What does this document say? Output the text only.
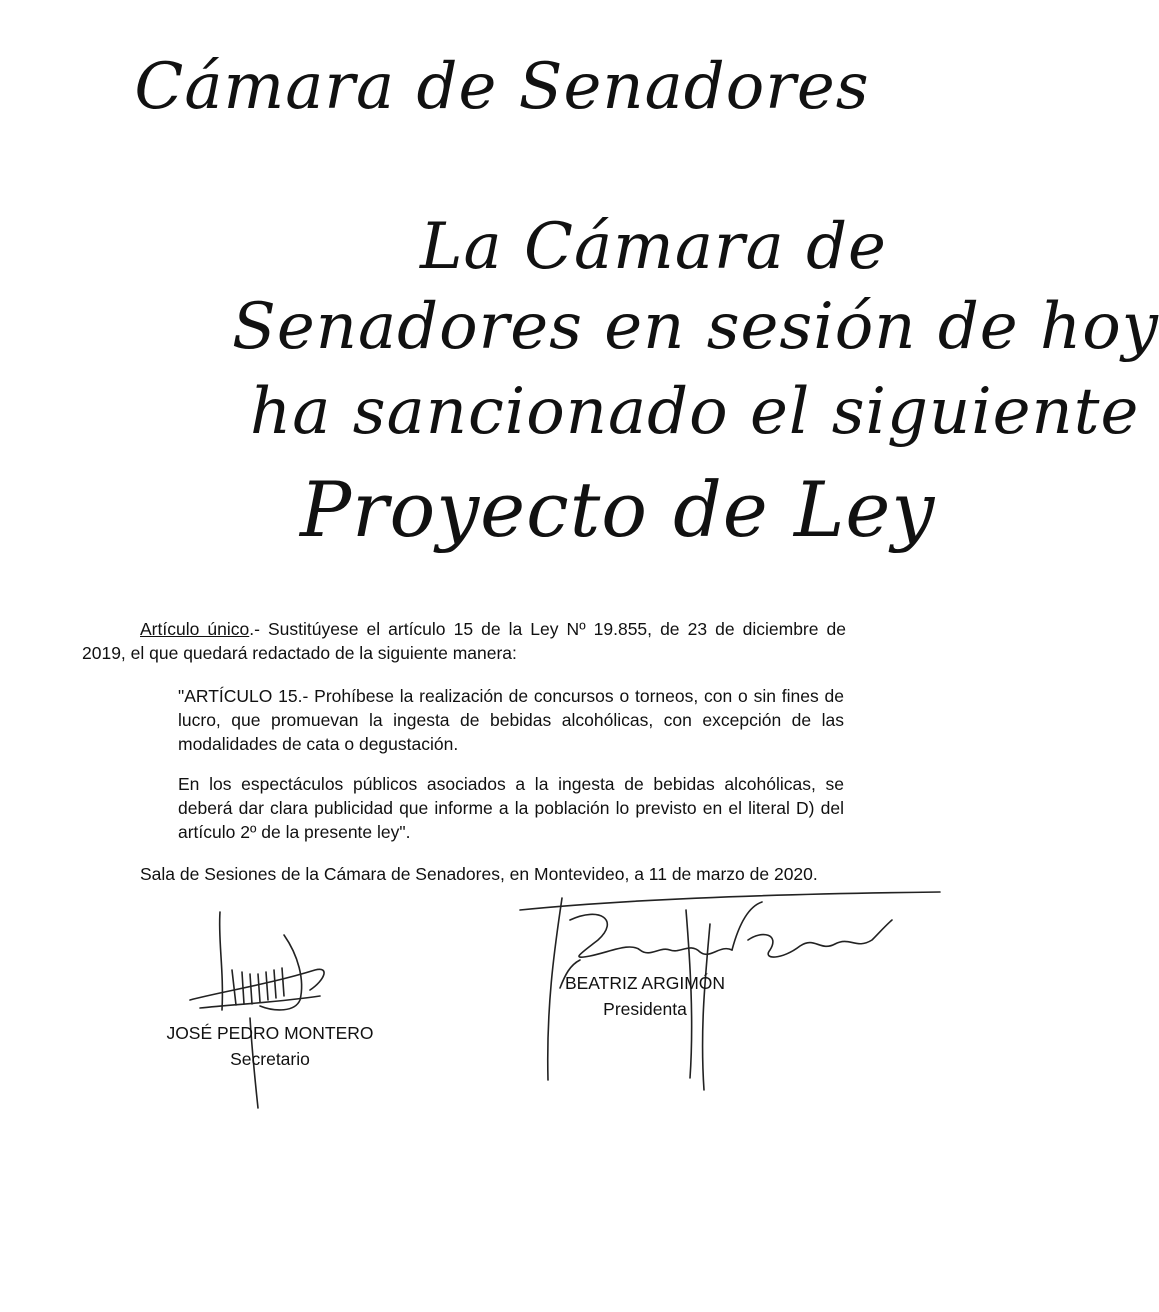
Cámara de Senadores
La Cámara de
Senadores en sesión de hoy
ha sancionado el siguiente
Proyecto de Ley
Artículo único.- Sustitúyese el artículo 15 de la Ley Nº 19.855, de 23 de diciembre de 2019, el que quedará redactado de la siguiente manera:
"ARTÍCULO 15.- Prohíbese la realización de concursos o torneos, con o sin fines de lucro, que promuevan la ingesta de bebidas alcohólicas, con excepción de las modalidades de cata o degustación.
En los espectáculos públicos asociados a la ingesta de bebidas alcohólicas, se deberá dar clara publicidad que informe a la población lo previsto en el literal D) del artículo 2º de la presente ley".
Sala de Sesiones de la Cámara de Senadores, en Montevideo, a 11 de marzo de 2020.
JOSÉ PEDRO MONTERO
Secretario
BEATRIZ ARGIMÓN
Presidenta
